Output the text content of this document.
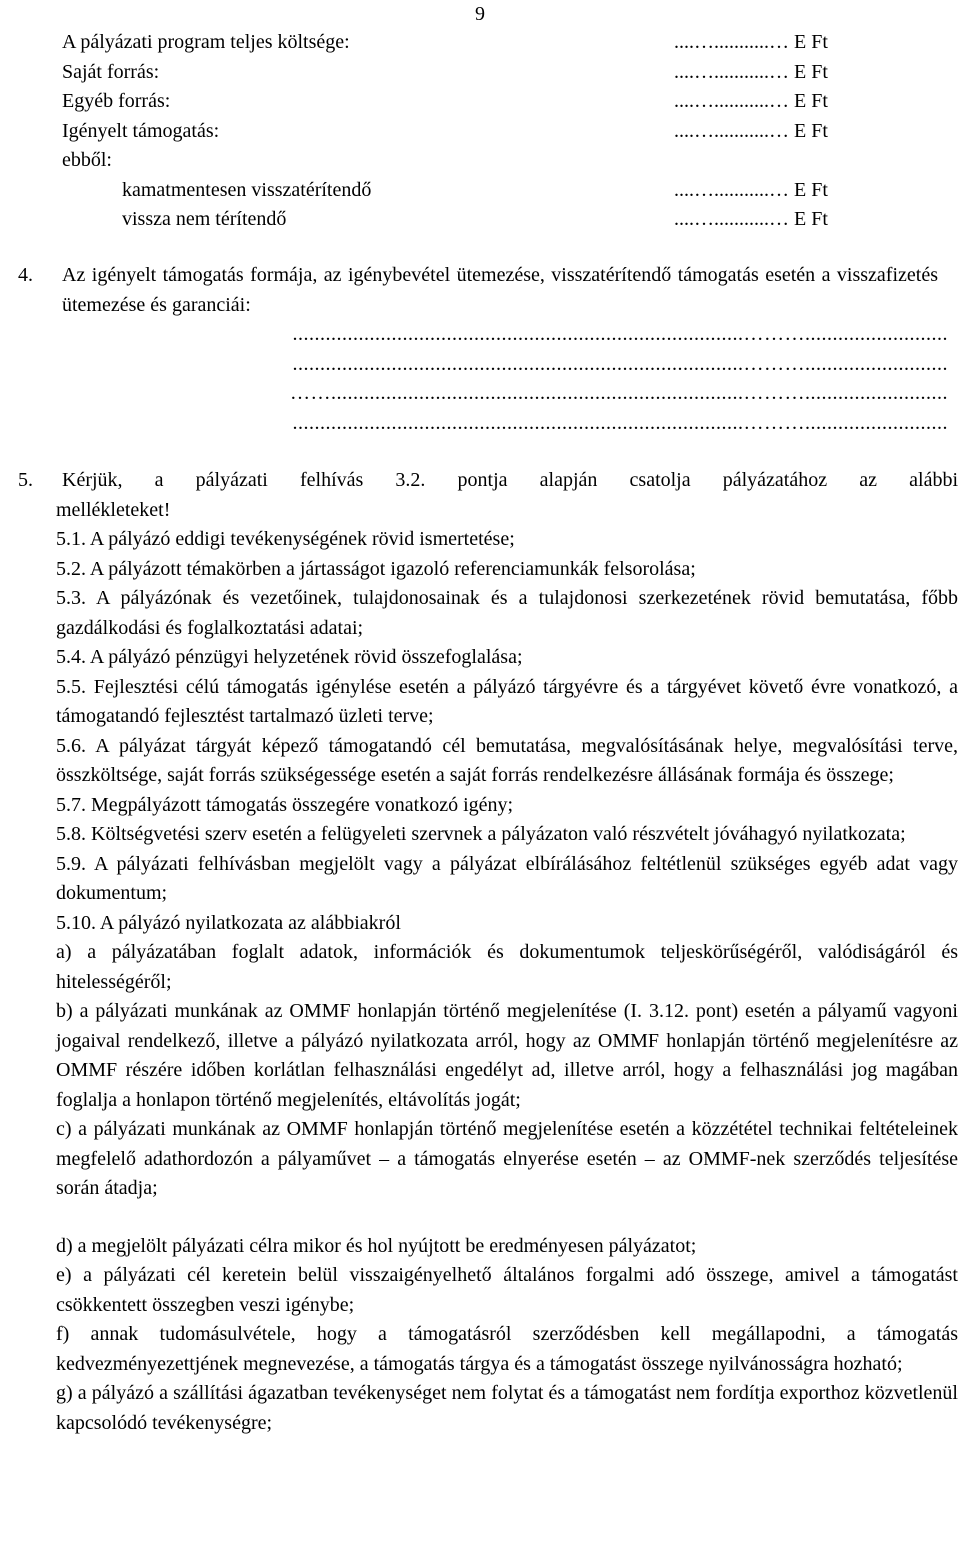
9
A pályázati program teljes költsége:	....…...........… E Ft
Saját forrás:	....…...........… E Ft
Egyéb forrás:	....…...........… E Ft
Igényelt támogatás:	....…...........… E Ft
ebből:
kamatmentesen visszatérítendő	....…...........… E Ft
vissza nem térítendő	....…...........… E Ft
4. Az igényelt támogatás formája, az igénybevétel ütemezése, visszatérítendő támogatás esetén a visszafizetés ütemezése és garanciái:
..................................................................................………..........................
..................................................................................………..........................
……...........................................................................………..........................
..................................................................................………..........................
5. Kérjük, a pályázati felhívás 3.2. pontja alapján csatolja pályázatához az alábbi
mellékleteket!
5.1. A pályázó eddigi tevékenységének rövid ismertetése;
5.2. A pályázott témakörben a jártasságot igazoló referenciamunkák felsorolása;
5.3. A pályázónak és vezetőinek, tulajdonosainak és a tulajdonosi szerkezetének rövid bemutatása, főbb gazdálkodási és foglalkoztatási adatai;
5.4. A pályázó pénzügyi helyzetének rövid összefoglalása;
5.5. Fejlesztési célú támogatás igénylése esetén a pályázó tárgyévre és a tárgyévet követő évre vonatkozó, a támogatandó fejlesztést tartalmazó üzleti terve;
5.6. A pályázat tárgyát képező támogatandó cél bemutatása, megvalósításának helye, megvalósítási terve, összköltsége, saját forrás szükségessége esetén a saját forrás rendelkezésre állásának formája és összege;
5.7. Megpályázott támogatás összegére vonatkozó igény;
5.8. Költségvetési szerv esetén a felügyeleti szervnek a pályázaton való részvételt jóváhagyó nyilatkozata;
5.9. A pályázati felhívásban megjelölt vagy a pályázat elbírálásához feltétlenül szükséges egyéb adat vagy dokumentum;
5.10. A pályázó nyilatkozata az alábbiakról
a) a pályázatában foglalt adatok, információk és dokumentumok teljeskörűségéről, valódiságáról és hitelességéről;
b) a pályázati munkának az OMMF honlapján történő megjelenítése (I. 3.12. pont) esetén a pályamű vagyoni jogaival rendelkező, illetve a pályázó nyilatkozata arról, hogy az OMMF honlapján történő megjelenítésre az OMMF részére időben korlátlan felhasználási engedélyt ad, illetve arról, hogy a felhasználási jog magában foglalja a honlapon történő megjelenítés, eltávolítás jogát;
c) a pályázati munkának az OMMF honlapján történő megjelenítése esetén a közzététel technikai feltételeinek megfelelő adathordozón a pályaművet – a támogatás elnyerése esetén – az OMMF-nek szerződés teljesítése során átadja;
d) a megjelölt pályázati célra mikor és hol nyújtott be eredményesen pályázatot;
e) a pályázati cél keretein belül visszaigényelhető általános forgalmi adó összege, amivel a támogatást csökkentett összegben veszi igénybe;
f) annak tudomásulvétele, hogy a támogatásról szerződésben kell megállapodni, a támogatás kedvezményezettjének megnevezése, a támogatás tárgya és a támogatást összege nyilvánosságra hozható;
g) a pályázó a szállítási ágazatban tevékenységet nem folytat és a támogatást nem fordítja exporthoz közvetlenül kapcsolódó tevékenységre;
